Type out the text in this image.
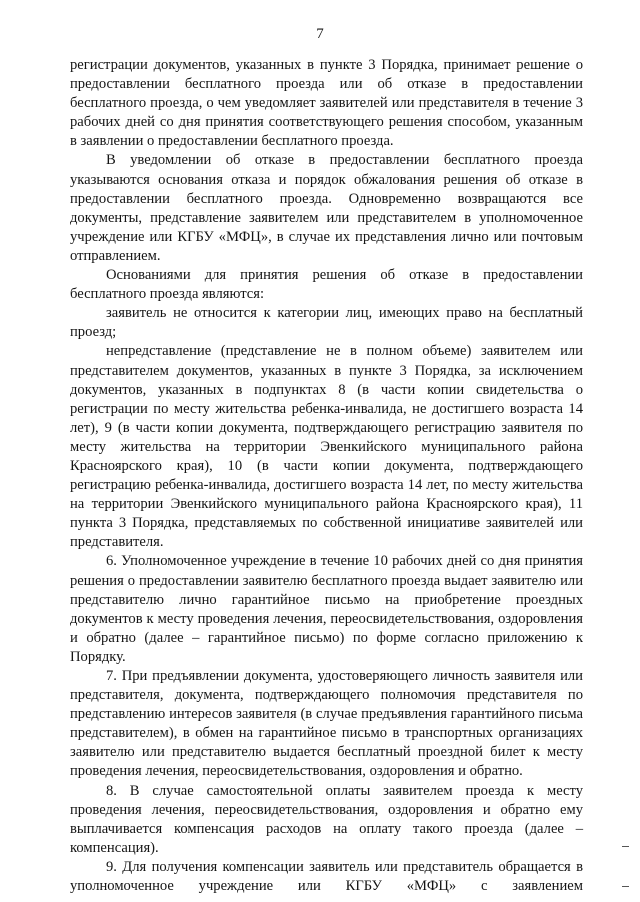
7

регистрации документов, указанных в пункте 3 Порядка, принимает решение о предоставлении бесплатного проезда или об отказе в предоставлении бесплатного проезда, о чем уведомляет заявителей или представителя в течение 3 рабочих дней со дня принятия соответствующего решения способом, указанным в заявлении о предоставлении бесплатного проезда.

В уведомлении об отказе в предоставлении бесплатного проезда указываются основания отказа и порядок обжалования решения об отказе в предоставлении бесплатного проезда. Одновременно возвращаются все документы, представление заявителем или представителем в уполномоченное учреждение или КГБУ «МФЦ», в случае их представления лично или почтовым отправлением.

Основаниями для принятия решения об отказе в предоставлении бесплатного проезда являются:

заявитель не относится к категории лиц, имеющих право на бесплатный проезд;

непредставление (представление не в полном объеме) заявителем или представителем документов, указанных в пункте 3 Порядка, за исключением документов, указанных в подпунктах 8 (в части копии свидетельства о регистрации по месту жительства ребенка-инвалида, не достигшего возраста 14 лет), 9 (в части копии документа, подтверждающего регистрацию заявителя по месту жительства на территории Эвенкийского муниципального района Красноярского края), 10 (в части копии документа, подтверждающего регистрацию ребенка-инвалида, достигшего возраста 14 лет, по месту жительства на территории Эвенкийского муниципального района Красноярского края), 11 пункта 3 Порядка, представляемых по собственной инициативе заявителей или представителя.

6. Уполномоченное учреждение в течение 10 рабочих дней со дня принятия решения о предоставлении заявителю бесплатного проезда выдает заявителю или представителю лично гарантийное письмо на приобретение проездных документов к месту проведения лечения, переосвидетельствования, оздоровления и обратно (далее – гарантийное письмо) по форме согласно приложению к Порядку.

7. При предъявлении документа, удостоверяющего личность заявителя или представителя, документа, подтверждающего полномочия представителя по представлению интересов заявителя (в случае предъявления гарантийного письма представителем), в обмен на гарантийное письмо в транспортных организациях заявителю или представителю выдается бесплатный проездной билет к месту проведения лечения, переосвидетельствования, оздоровления и обратно.

8. В случае самостоятельной оплаты заявителем проезда к месту проведения лечения, переосвидетельствования, оздоровления и обратно ему выплачивается компенсация расходов на оплату такого проезда (далее – компенсация).

9. Для получения компенсации заявитель или представитель обращается в уполномоченное учреждение или КГБУ «МФЦ» с заявлением
